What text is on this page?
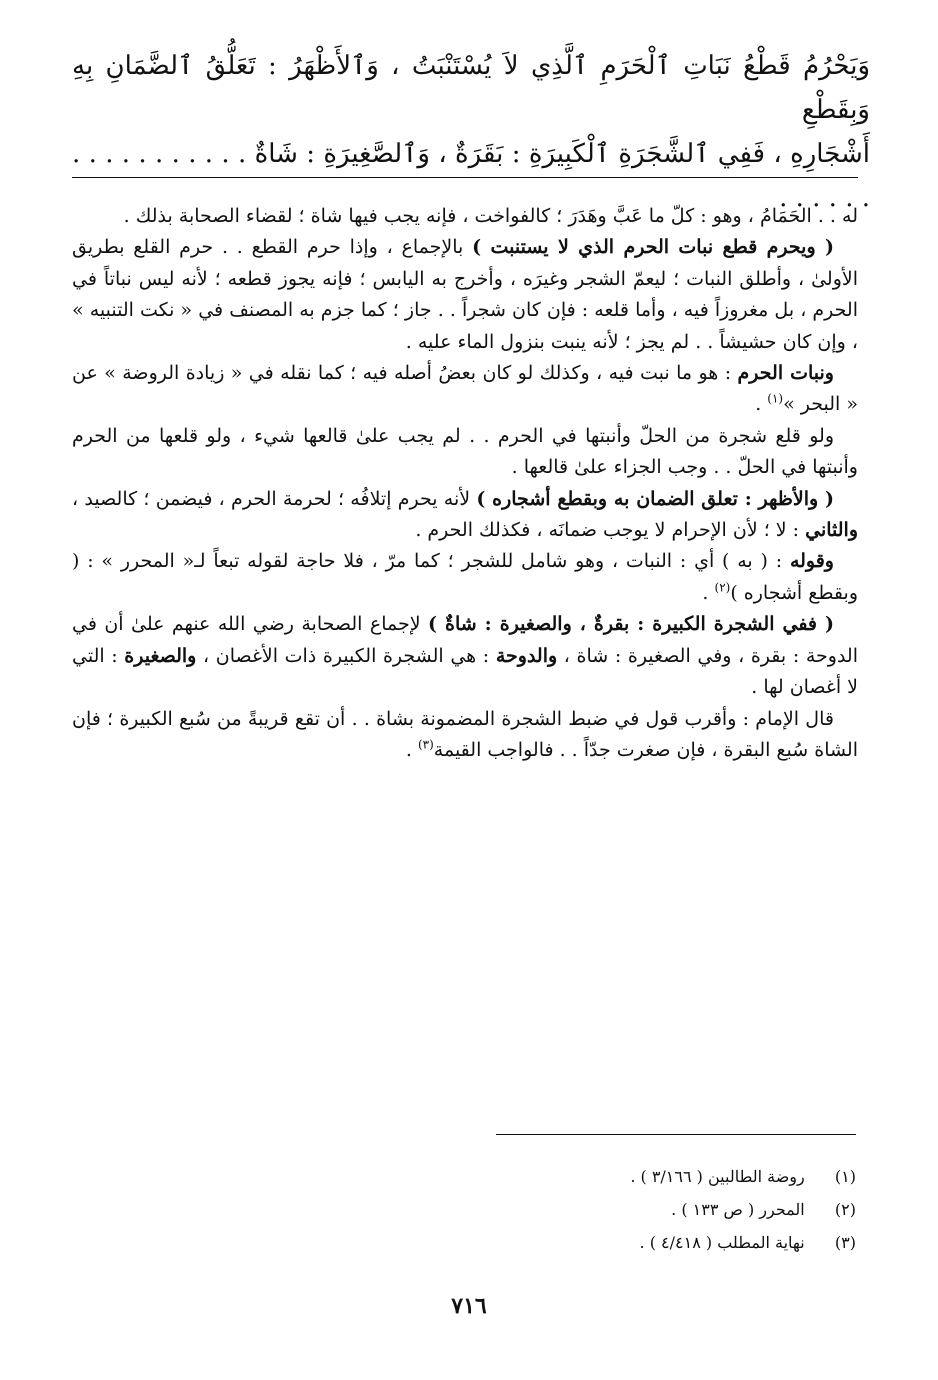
وَيَحْرُمُ قَطْعُ نَبَاتِ ٱلْحَرَمِ ٱلَّذِي لاَ يُسْتَنْبَتُ ، وَٱلأَظْهَرُ : تَعَلُّقُ ٱلضَّمَانِ بِهِ وَبِقَطْعِ

أَشْجَارِهِ ، فَفِي ٱلشَّجَرَةِ ٱلْكَبِيرَةِ : بَقَرَةٌ ، وَٱلصَّغِيرَةِ : شَاةٌ . . . . . . . . . . . . . . . . .

له . . الحَمَامُ ، وهو : كلّ ما عَبَّ وهَدَرَ ؛ كالفواخت ، فإنه يجب فيها شاة ؛ لقضاء الصحابة بذلك .

( ويحرم قطع نبات الحرم الذي لا يستنبت ) بالإجماع ، وإذا حرم القطع . . حرم القلع بطريق الأولىٰ ، وأطلق النبات ؛ ليعمّ الشجر وغيرَه ، وأخرج به اليابس ؛ فإنه يجوز قطعه ؛ لأنه ليس نباتاً في الحرم ، بل مغروزاً فيه ، وأما قلعه : فإن كان شجراً . . جاز ؛ كما جزم به المصنف في « نكت التنبيه » ، وإن كان حشيشاً . . لم يجز ؛ لأنه ينبت بنزول الماء عليه .

ونبات الحرم : هو ما نبت فيه ، وكذلك لو كان بعضُ أصله فيه ؛ كما نقله في « زيادة الروضة » عن « البحر »$^{(١)}$ .

ولو قلع شجرة من الحلّ وأنبتها في الحرم . . لم يجب علىٰ قالعها شيء ، ولو قلعها من الحرم وأنبتها في الحلّ . . وجب الجزاء علىٰ قالعها .

( والأظهر : تعلق الضمان به وبقطع أشجاره ) لأنه يحرم إتلافُه ؛ لحرمة الحرم ، فيضمن ؛ كالصيد ، والثاني : لا ؛ لأن الإحرام لا يوجب ضمانَه ، فكذلك الحرم .

وقوله : ( به ) أي : النبات ، وهو شامل للشجر ؛ كما مرّ ، فلا حاجة لقوله تبعاً لـ« المحرر » : ( وبقطع أشجاره )$^{(٢)}$ .

( ففي الشجرة الكبيرة : بقرةٌ ، والصغيرة : شاةٌ ) لإجماع الصحابة رضي الله عنهم علىٰ أن في الدوحة : بقرة ، وفي الصغيرة : شاة ، والدوحة : هي الشجرة الكبيرة ذات الأغصان ، والصغيرة : التي لا أغصان لها .

قال الإمام : وأقرب قول في ضبط الشجرة المضمونة بشاة . . أن تقع قريبةً من سُبع الكبيرة ؛ فإن الشاة سُبع البقرة ، فإن صغرت جدّاً . . فالواجب القيمة$^{(٣)}$ .

(١)   روضة الطالبين ( ٣/١٦٦ ) .
(٢)   المحرر ( ص ١٣٣ ) .
(٣)   نهاية المطلب ( ٤/٤١٨ ) .
٧١٦
